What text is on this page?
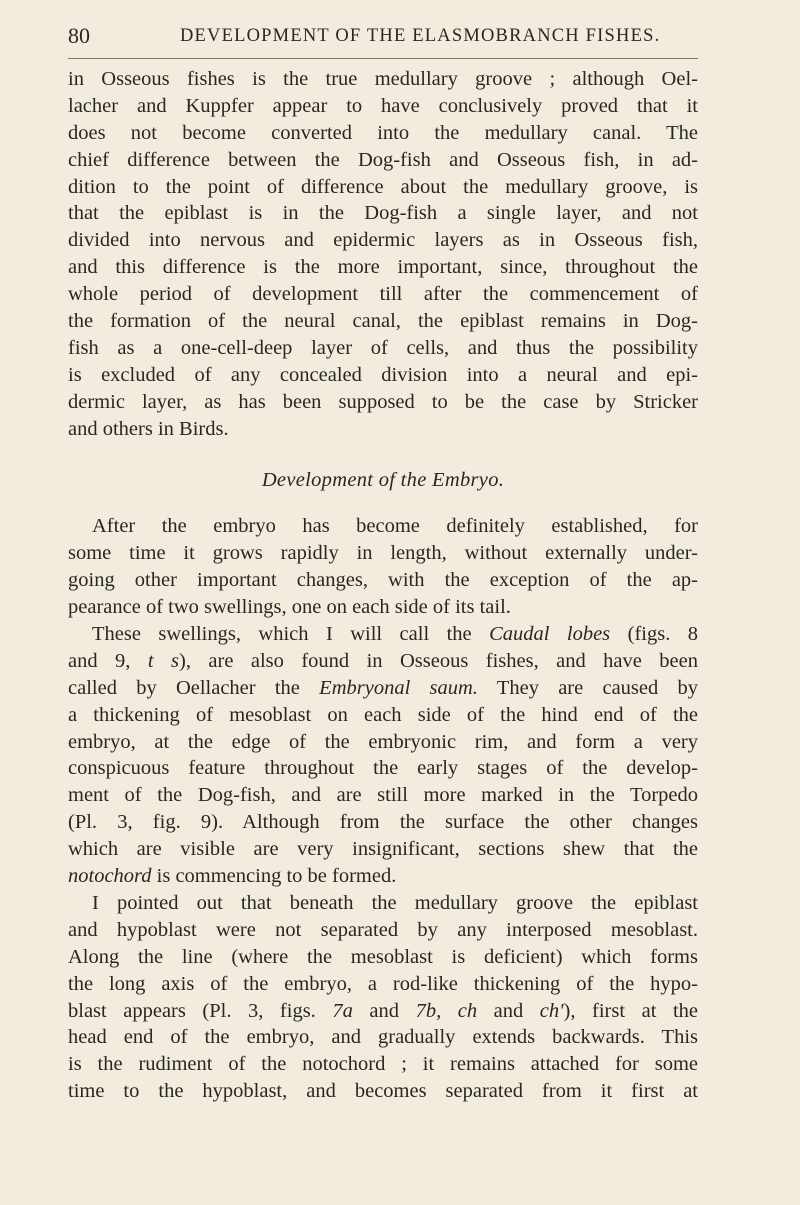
80	DEVELOPMENT OF THE ELASMOBRANCH FISHES.
in Osseous fishes is the true medullary groove ; although Oel-
lacher and Kuppfer appear to have conclusively proved that it
does not become converted into the medullary canal. The
chief difference between the Dog-fish and Osseous fish, in ad-
dition to the point of difference about the medullary groove, is
that the epiblast is in the Dog-fish a single layer, and not
divided into nervous and epidermic layers as in Osseous fish,
and this difference is the more important, since, throughout the
whole period of development till after the commencement of
the formation of the neural canal, the epiblast remains in Dog-
fish as a one-cell-deep layer of cells, and thus the possibility
is excluded of any concealed division into a neural and epi-
dermic layer, as has been supposed to be the case by Stricker
and others in Birds.
Development of the Embryo.
After the embryo has become definitely established, for
some time it grows rapidly in length, without externally under-
going other important changes, with the exception of the ap-
pearance of two swellings, one on each side of its tail.
These swellings, which I will call the Caudal lobes (figs. 8
and 9, t s), are also found in Osseous fishes, and have been
called by Oellacher the Embryonal saum. They are caused by
a thickening of mesoblast on each side of the hind end of the
embryo, at the edge of the embryonic rim, and form a very
conspicuous feature throughout the early stages of the develop-
ment of the Dog-fish, and are still more marked in the Torpedo
(Pl. 3, fig. 9). Although from the surface the other changes
which are visible are very insignificant, sections shew that the
notochord is commencing to be formed.
I pointed out that beneath the medullary groove the epiblast
and hypoblast were not separated by any interposed mesoblast.
Along the line (where the mesoblast is deficient) which forms
the long axis of the embryo, a rod-like thickening of the hypo-
blast appears (Pl. 3, figs. 7a and 7b, ch and ch'), first at the
head end of the embryo, and gradually extends backwards. This
is the rudiment of the notochord ; it remains attached for some
time to the hypoblast, and becomes separated from it first at
